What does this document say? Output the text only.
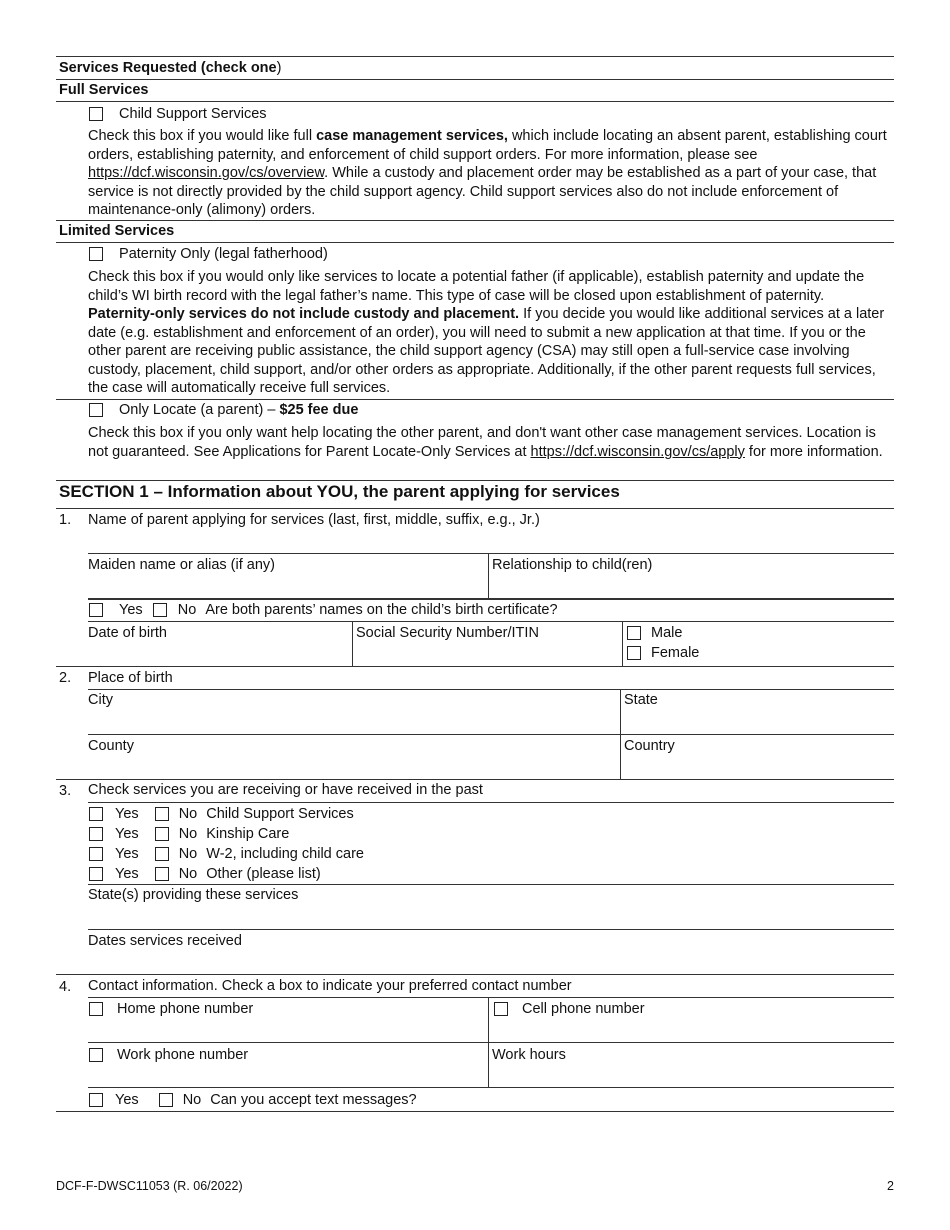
Services Requested (check one)
Full Services
Child Support Services
Check this box if you would like full case management services, which include locating an absent parent, establishing court orders, establishing paternity, and enforcement of child support orders. For more information, please see https://dcf.wisconsin.gov/cs/overview. While a custody and placement order may be established as a part of your case, that service is not directly provided by the child support agency. Child support services also do not include enforcement of maintenance-only (alimony) orders.
Limited Services
Paternity Only (legal fatherhood)
Check this box if you would only like services to locate a potential father (if applicable), establish paternity and update the child’s WI birth record with the legal father’s name. This type of case will be closed upon establishment of paternity. Paternity-only services do not include custody and placement. If you decide you would like additional services at a later date (e.g. establishment and enforcement of an order), you will need to submit a new application at that time. If you or the other parent are receiving public assistance, the child support agency (CSA) may still open a full-service case involving custody, placement, child support, and/or other orders as appropriate. Additionally, if the other parent requests full services, the case will automatically receive full services.
Only Locate (a parent) – $25 fee due
Check this box if you only want help locating the other parent, and don't want other case management services. Location is not guaranteed. See Applications for Parent Locate-Only Services at https://dcf.wisconsin.gov/cs/apply for more information.
SECTION 1 – Information about YOU, the parent applying for services
1. Name of parent applying for services (last, first, middle, suffix, e.g., Jr.)
Maiden name or alias (if any)	Relationship to child(ren)
Yes No Are both parents’ names on the child’s birth certificate?
Date of birth	Social Security Number/ITIN	Male
Female
2. Place of birth
City	State
County	Country
3. Check services you are receiving or have received in the past
Yes	No Child Support Services
Yes	No Kinship Care
Yes	No W-2, including child care
Yes	No Other (please list)
State(s) providing these services
Dates services received
4. Contact information. Check a box to indicate your preferred contact number
Home phone number	Cell phone number
Work phone number	Work hours
Yes	No Can you accept text messages?
DCF-F-DWSC11053 (R. 06/2022)	2
